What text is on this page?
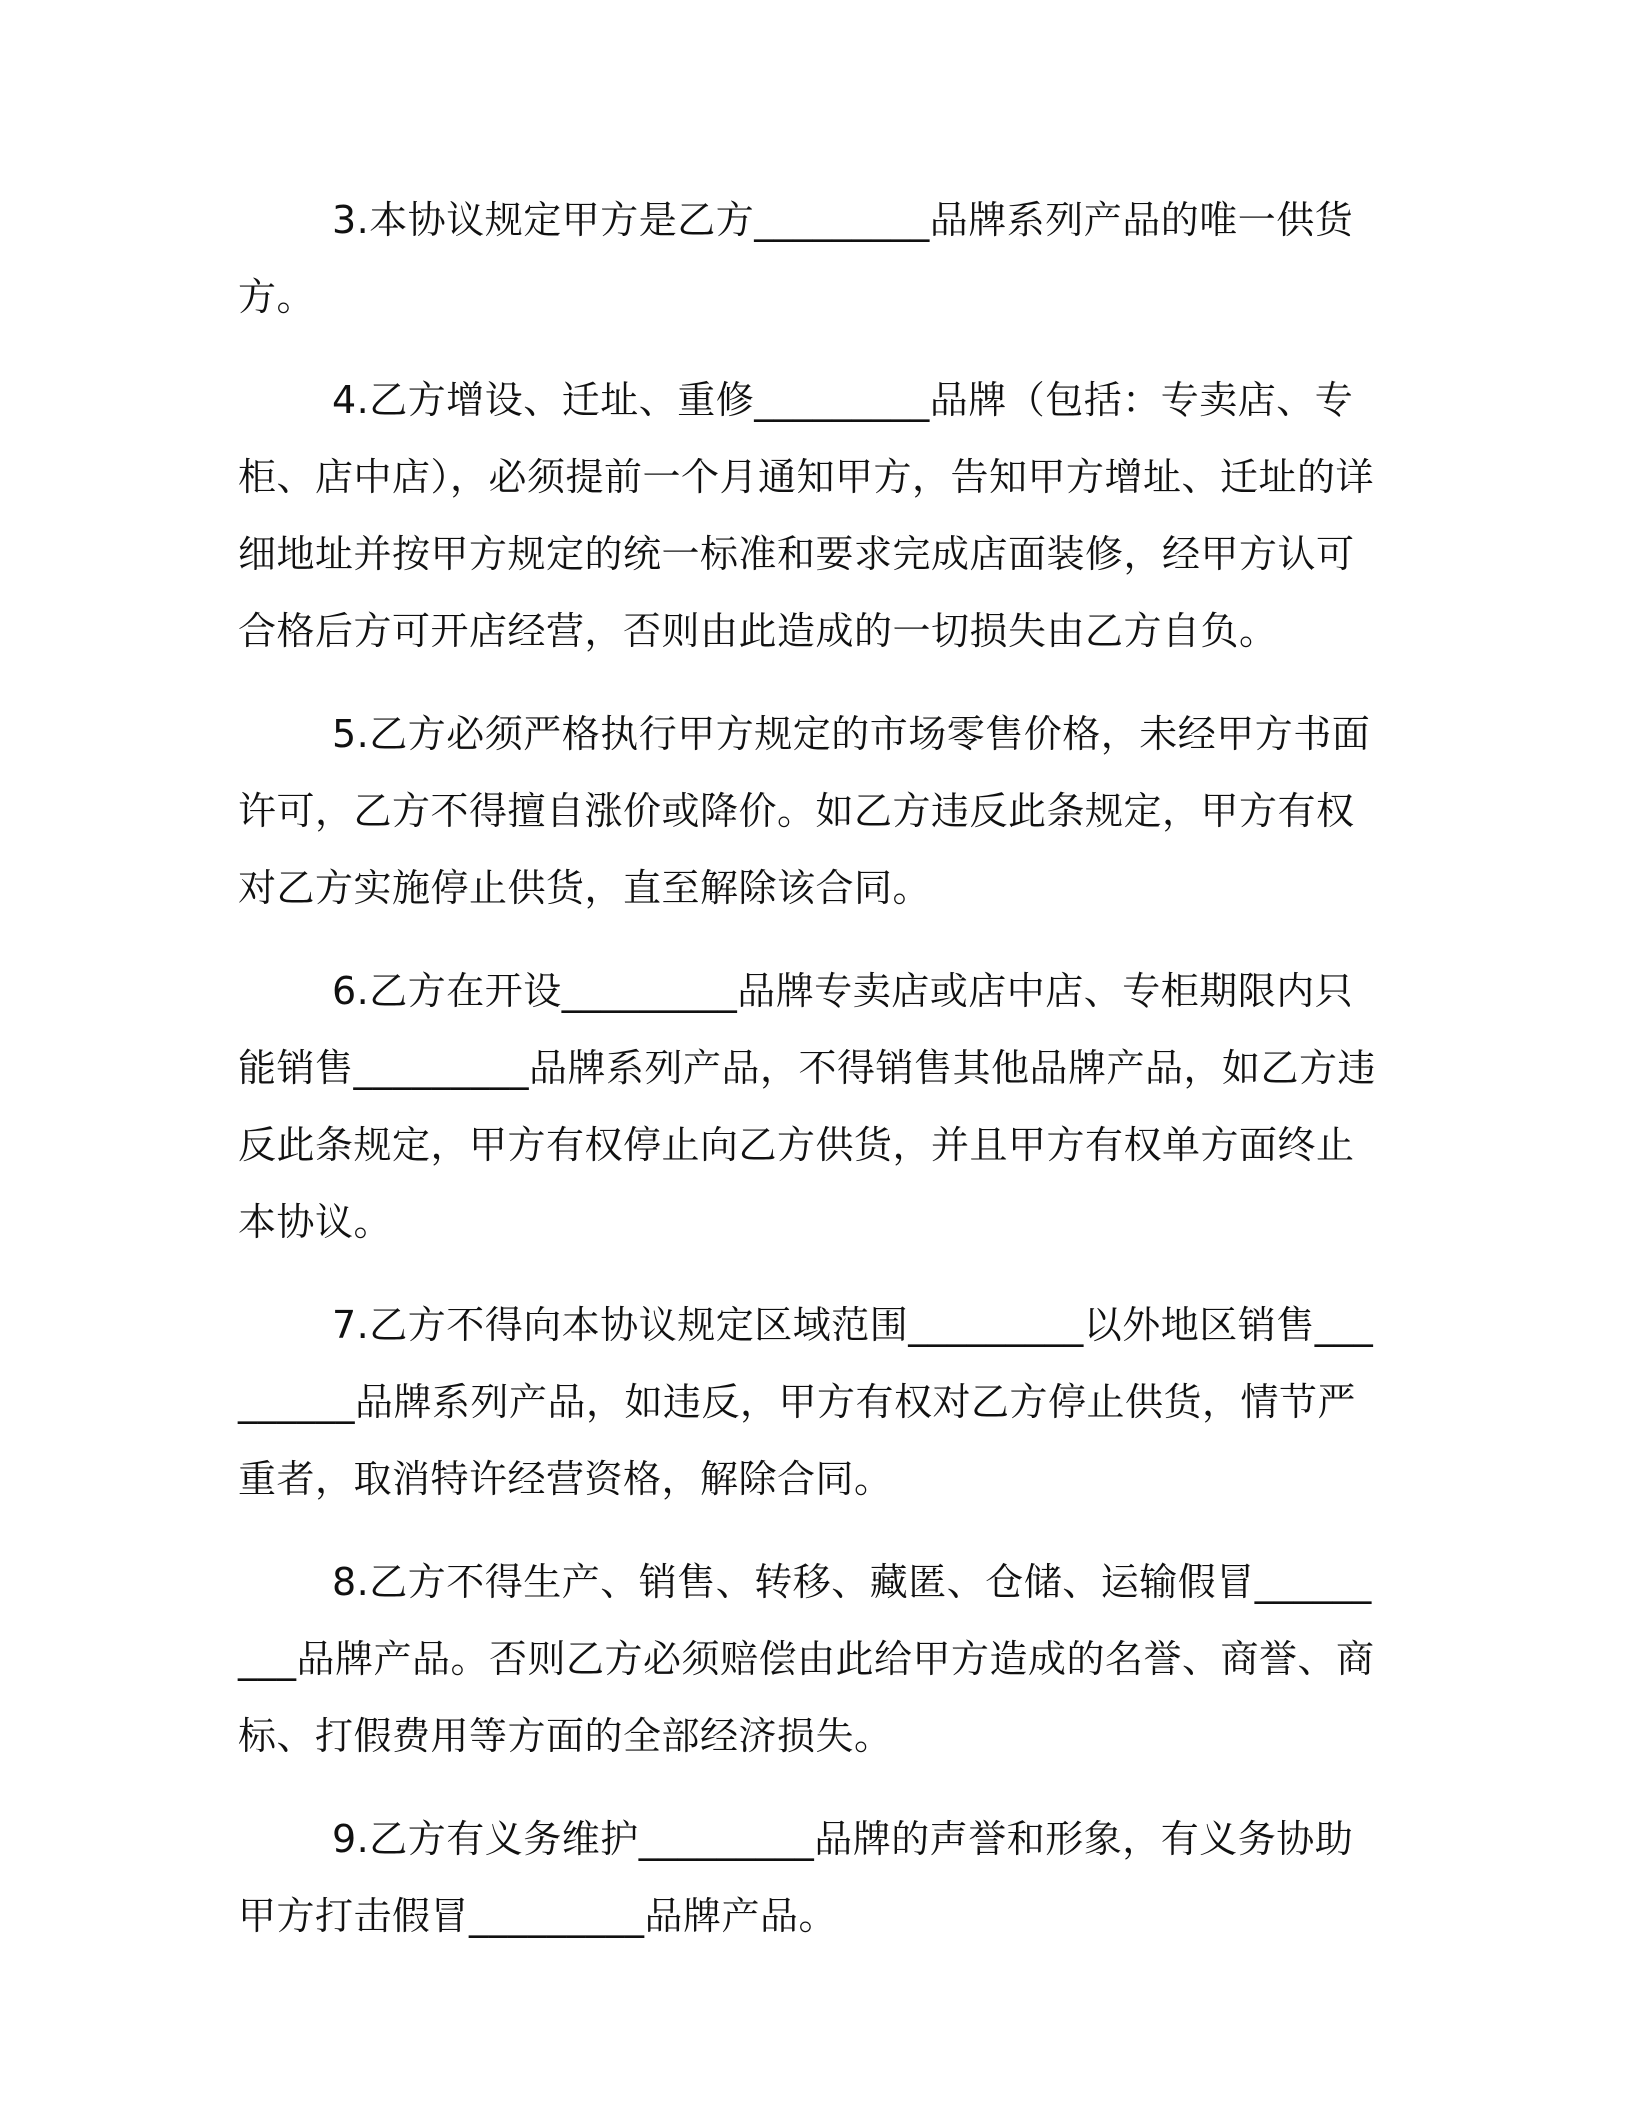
3.本协议规定甲方是乙方_________品牌系列产品的唯一供货方。

4.乙方增设、迁址、重修_________品牌（包括：专卖店、专柜、店中店），必须提前一个月通知甲方，告知甲方增址、迁址的详细地址并按甲方规定的统一标准和要求完成店面装修，经甲方认可合格后方可开店经营，否则由此造成的一切损失由乙方自负。

5.乙方必须严格执行甲方规定的市场零售价格，未经甲方书面许可，乙方不得擅自涨价或降价。如乙方违反此条规定，甲方有权对乙方实施停止供货，直至解除该合同。

6.乙方在开设_________品牌专卖店或店中店、专柜期限内只能销售_________品牌系列产品，不得销售其他品牌产品，如乙方违反此条规定，甲方有权停止向乙方供货，并且甲方有权单方面终止本协议。

7.乙方不得向本协议规定区域范围_________以外地区销售_________品牌系列产品，如违反，甲方有权对乙方停止供货，情节严重者，取消特许经营资格，解除合同。

8.乙方不得生产、销售、转移、藏匿、仓储、运输假冒_________品牌产品。否则乙方必须赔偿由此给甲方造成的名誉、商誉、商标、打假费用等方面的全部经济损失。

9.乙方有义务维护_________品牌的声誉和形象，有义务协助甲方打击假冒_________品牌产品。
